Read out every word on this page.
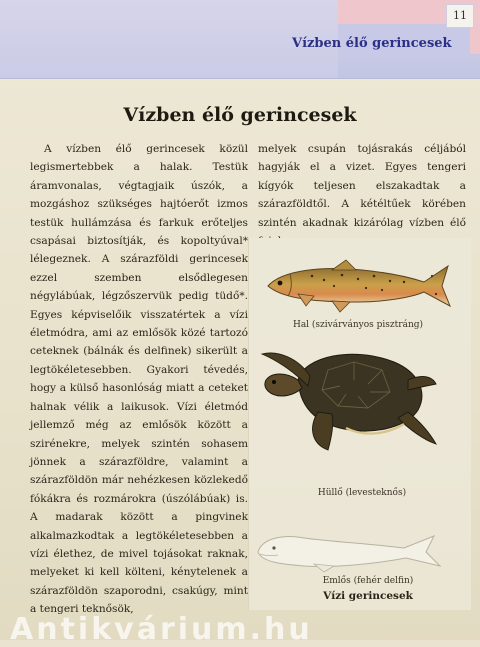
Vízben élő gerincesek
11
Vízben élő gerincesek
A vízben élő gerincesek közül legismertebbek a halak. Testük áramvonalas, végtagjaik úszók, a mozgáshoz szükséges hajtóerőt izmos testük hullámzása és farkuk erőteljes csapásai biztosítják, és kopoltyúval* lélegeznek. A szárazföldi gerincesek ezzel szemben elsődlegesen négylábúak, légzőszervük pedig tüdő*. Egyes képviselőik visszatértek a vízi életmódra, ami az emlősök közé tartozó ceteknek (bálnák és delfinek) sikerült a legtökéletesebben. Gyakori tévedés, hogy a külső hasonlóság miatt a ceteket halnak vélik a laikusok. Vízi életmód jellemző még az emlősök között a szirénekre, melyek szintén sohasem jönnek a szárazföldre, valamint a szárazföldön már nehézkesen közlekedő fókákra és rozmárokra (úszólábúak) is. A madarak között a pingvinek alkalmazkodtak a legtökéletesebben a vízi élethez, de mivel tojásokat raknak, melyeket ki kell költeni, kénytelenek a szárazföldön szaporodni, csakúgy, mint a tengeri teknősök,
melyek csupán tojásrakás céljából hagyják el a vizet. Egyes tengeri kígyók teljesen elszakadtak a szárazföldtől. A kétéltűek körében szintén akadnak kizárólag vízben élő
Hal (szivárványos pisztráng)
Hüllő (levesteknős)
Emlős (fehér delfin)
Vízi gerincesek
Antikvárium.hu
